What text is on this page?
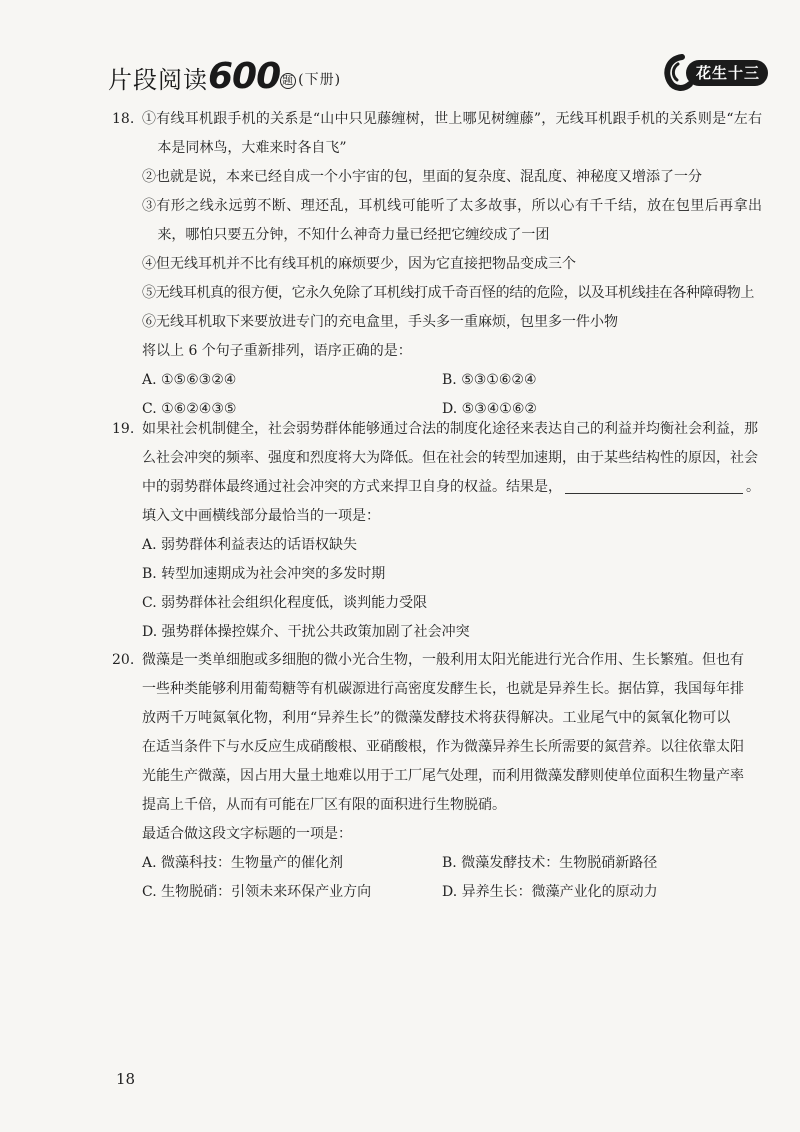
片段阅读600 题 $^{(下册)}$	花生十三
18. ①有线耳机跟手机的关系是“山中只见藤缠树，世上哪见树缠藤”，无线耳机跟手机的关系则是“左右本是同林鸟，大难来时各自飞”
②也就是说，本来已经自成一个小宇宙的包，里面的复杂度、混乱度、神秘度又增添了一分
③有形之线永远剪不断、理还乱，耳机线可能听了太多故事，所以心有千千结，放在包里后再拿出来，哪怕只要五分钟，不知什么神奇力量已经把它缠绞成了一团
④但无线耳机并不比有线耳机的麻烦要少，因为它直接把物品变成三个
⑤无线耳机真的很方便，它永久免除了耳机线打成千奇百怪的结的危险，以及耳机线挂在各种障碍物上
⑥无线耳机取下来要放进专门的充电盒里，手头多一重麻烦，包里多一件小物
将以上 6 个句子重新排列，语序正确的是：
A. ①⑤⑥③②④	B. ⑤③①⑥②④
C. ①⑥②④③⑤	D. ⑤③④①⑥②
19. 如果社会机制健全，社会弱势群体能够通过合法的制度化途径来表达自己的利益并均衡社会利益，那
么社会冲突的频率、强度和烈度将大为降低。但在社会的转型加速期，由于某些结构性的原因，社会
中的弱势群体最终通过社会冲突的方式来捍卫自身的权益。结果是，	。
填入文中画横线部分最恰当的一项是：
A. 弱势群体利益表达的话语权缺失
B. 转型加速期成为社会冲突的多发时期
C. 弱势群体社会组织化程度低，谈判能力受限
D. 强势群体操控媒介、干扰公共政策加剧了社会冲突
20. 微藻是一类单细胞或多细胞的微小光合生物，一般利用太阳光能进行光合作用、生长繁殖。但也有
一些种类能够利用葡萄糖等有机碳源进行高密度发酵生长，也就是异养生长。据估算，我国每年排
放两千万吨氮氧化物，利用“异养生长”的微藻发酵技术将获得解决。工业尾气中的氮氧化物可以
在适当条件下与水反应生成硝酸根、亚硝酸根，作为微藻异养生长所需要的氮营养。以往依靠太阳
光能生产微藻，因占用大量土地难以用于工厂尾气处理，而利用微藻发酵则使单位面积生物量产率
提高上千倍，从而有可能在厂区有限的面积进行生物脱硝。
最适合做这段文字标题的一项是：
A. 微藻科技：生物量产的催化剂	B. 微藻发酵技术：生物脱硝新路径
C. 生物脱硝：引领未来环保产业方向	D. 异养生长：微藻产业化的原动力
18
